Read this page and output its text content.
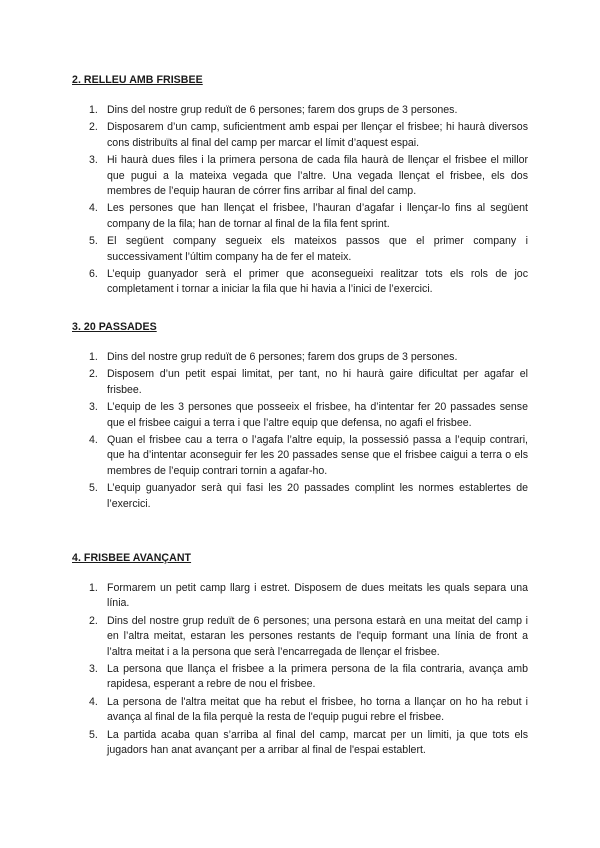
2. RELLEU AMB FRISBEE
1. Dins del nostre grup reduït de 6 persones; farem dos grups de 3 persones.
2. Disposarem d’un camp, suficientment amb espai per llençar el frisbee; hi haurà diversos cons distribuïts al final del camp per marcar el límit d’aquest espai.
3. Hi haurà dues files i la primera persona de cada fila haurà de llençar el frisbee el millor que pugui a la mateixa vegada que l’altre. Una vegada llençat el frisbee, els dos membres de l’equip hauran de córrer fins arribar al final del camp.
4. Les persones que han llençat el frisbee, l’hauran d’agafar i llençar-lo fins al següent company de la fila; han de tornar al final de la fila fent sprint.
5. El següent company segueix els mateixos passos que el primer company i successivament l’últim company ha de fer el mateix.
6. L’equip guanyador serà el primer que aconsegueixi realitzar tots els rols de joc completament i tornar a iniciar la fila que hi havia a l’inici de l’exercici.
3. 20 PASSADES
1. Dins del nostre grup reduït de 6 persones; farem dos grups de 3 persones.
2. Disposem d’un petit espai limitat, per tant, no hi haurà gaire dificultat per agafar el frisbee.
3. L’equip de les 3 persones que posseeix el frisbee, ha d’intentar fer 20 passades sense que el frisbee caigui a terra i que l’altre equip que defensa, no agafi el frisbee.
4. Quan el frisbee cau a terra o l’agafa l’altre equip, la possessió passa a l’equip contrari, que ha d’intentar aconseguir fer les 20 passades sense que el frisbee caigui a terra o els membres de l’equip contrari tornin a agafar-ho.
5. L’equip guanyador serà qui fasi les 20 passades complint les normes establertes de l’exercici.
4. FRISBEE AVANÇANT
1. Formarem un petit camp llarg i estret. Disposem de dues meitats les quals separa una línia.
2. Dins del nostre grup reduït de 6 persones; una persona estarà en una meitat del camp i en l’altra meitat, estaran les persones restants de l'equip formant una línia de front a l’altra meitat i a la persona que serà l’encarregada de llençar el frisbee.
3. La persona que llança el frisbee a la primera persona de la fila contraria, avança amb rapidesa, esperant a rebre de nou el frisbee.
4. La persona de l'altra meitat que ha rebut el frisbee, ho torna a llançar on ho ha rebut i avança al final de la fila perquè la resta de l'equip pugui rebre el frisbee.
5. La partida acaba quan s’arriba al final del camp, marcat per un limiti, ja que tots els jugadors han anat avançant per a arribar al final de l'espai establert.
